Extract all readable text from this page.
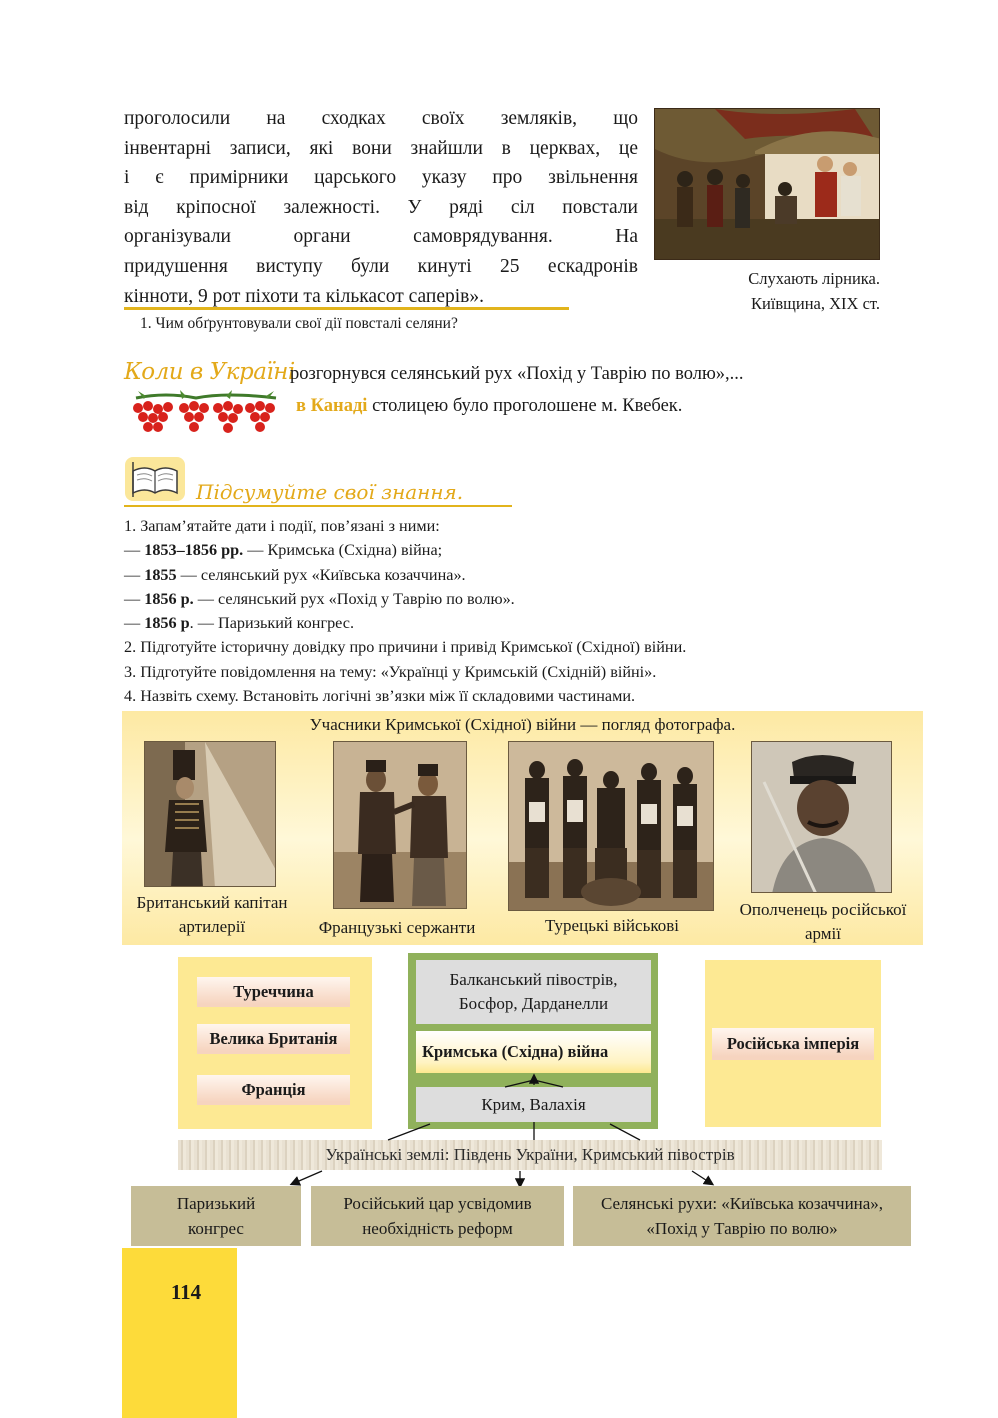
проголосили на сходках своїх земляків, що
інвентарні записи, які вони знайшли в церквах, це
і є примірники царського указу про звільнення
від кріпосної залежності. У ряді сіл повстали
організували органи самоврядування. На
придушення виступу були кинуті 25 ескадронів
кінноти, 9 рот піхоти та кількасот саперів».
Слухають лірника.
Київщина, XIX ст.
1. Чим обґрунтовували свої дії повсталі селяни?
Коли в Україні
розгорнувся селянський рух «Похід у Таврію по волю»,...
в Канаді столицею було проголошене м. Квебек.
Підсумуйте свої знання.
1. Запам’ятайте дати і події, пов’язані з ними:
— 1853–1856 рр. — Кримська (Східна) війна;
— 1855 — селянський рух «Київська козаччина».
— 1856 р. — селянський рух «Похід у Таврію по волю».
— 1856 р. — Паризький конгрес.
2. Підготуйте історичну довідку про причини і привід Кримської (Східної) війни.
3. Підготуйте повідомлення на тему: «Українці у Кримській (Східній) війні».
4. Назвіть схему. Встановіть логічні зв’язки між її складовими частинами.
Учасники Кримської (Східної) війни — погляд фотографа.
Британський капітан
артилерії	Французькі сержанти	Турецькі військові
Ополченець російської
армії
Туреччина
Велика Британія
Франція
Балканський півострів,
Босфор, Дарданелли
Кримська (Східна) війна
Крим, Валахія
Російська імперія
Українські землі: Південь України, Кримський півострів
Паризький
конгрес
Російський цар усвідомив
необхідність реформ
Селянські рухи: «Київська козаччина»,
«Похід у Таврію по волю»
114
